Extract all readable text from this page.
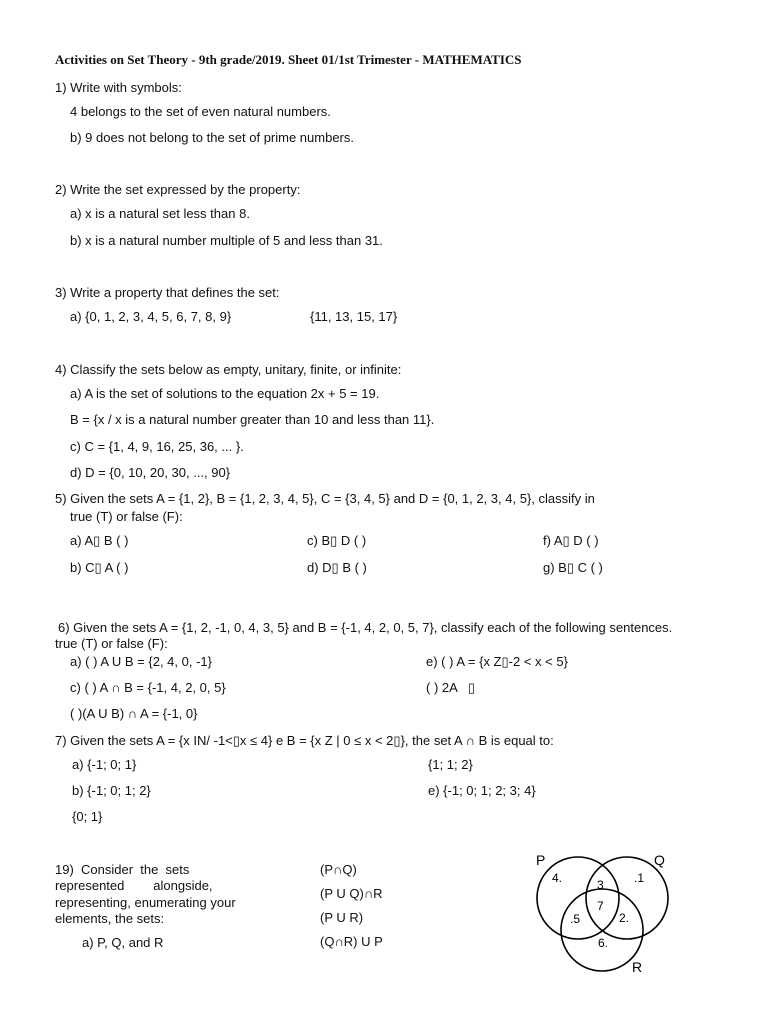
Activities on Set Theory - 9th grade/2019. Sheet 01/1st Trimester - MATHEMATICS
1) Write with symbols:
4 belongs to the set of even natural numbers.
b) 9 does not belong to the set of prime numbers.
2) Write the set expressed by the property:
a) x is a natural set less than 8.
b) x is a natural number multiple of 5 and less than 31.
3) Write a property that defines the set:
a) {0, 1, 2, 3, 4, 5, 6, 7, 8, 9}	{11, 13, 15, 17}
4) Classify the sets below as empty, unitary, finite, or infinite:
a) A is the set of solutions to the equation 2x + 5 = 19.
B = {x / x is a natural number greater than 10 and less than 11}.
c) C = {1, 4, 9, 16, 25, 36, ... }.
d) D = {0, 10, 20, 30, ..., 90}
5) Given the sets A = {1, 2}, B = {1, 2, 3, 4, 5}, C = {3, 4, 5} and D = {0, 1, 2, 3, 4, 5}, classify in
true (T) or false (F):
a) A▯ B ( )	c) B▯ D ( )	f) A▯ D ( )
b) C▯ A ( )	d) D▯ B ( )	g) B▯ C ( )
6) Given the sets A = {1, 2, -1, 0, 4, 3, 5} and B = {-1, 4, 2, 0, 5, 7}, classify each of the following sentences.
true (T) or false (F):
a) ( ) A U B = {2, 4, 0, -1}	e) ( ) A = {x Z▯-2 < x < 5}
c) ( ) A ∩ B = {-1, 4, 2, 0, 5}	( ) 2A   ▯
( )(A U B) ∩ A = {-1, 0}
7) Given the sets A = {x IN/ -1<▯x ≤ 4} e B = {x Z | 0 ≤ x < 2▯}, the set A ∩ B is equal to:
a) {-1; 0; 1}	{1; 1; 2}
b) {-1; 0; 1; 2}	e) {-1; 0; 1; 2; 3; 4}
{0; 1}
19)  Consider  the  sets
represented        alongside,
representing, enumerating your
elements, the sets:
a) P, Q, and R
(P∩Q)
(P U Q)∩R
(P U R)
(Q∩R) U P
P	Q
R
4.	3	.1
7
.5	2.
6.
